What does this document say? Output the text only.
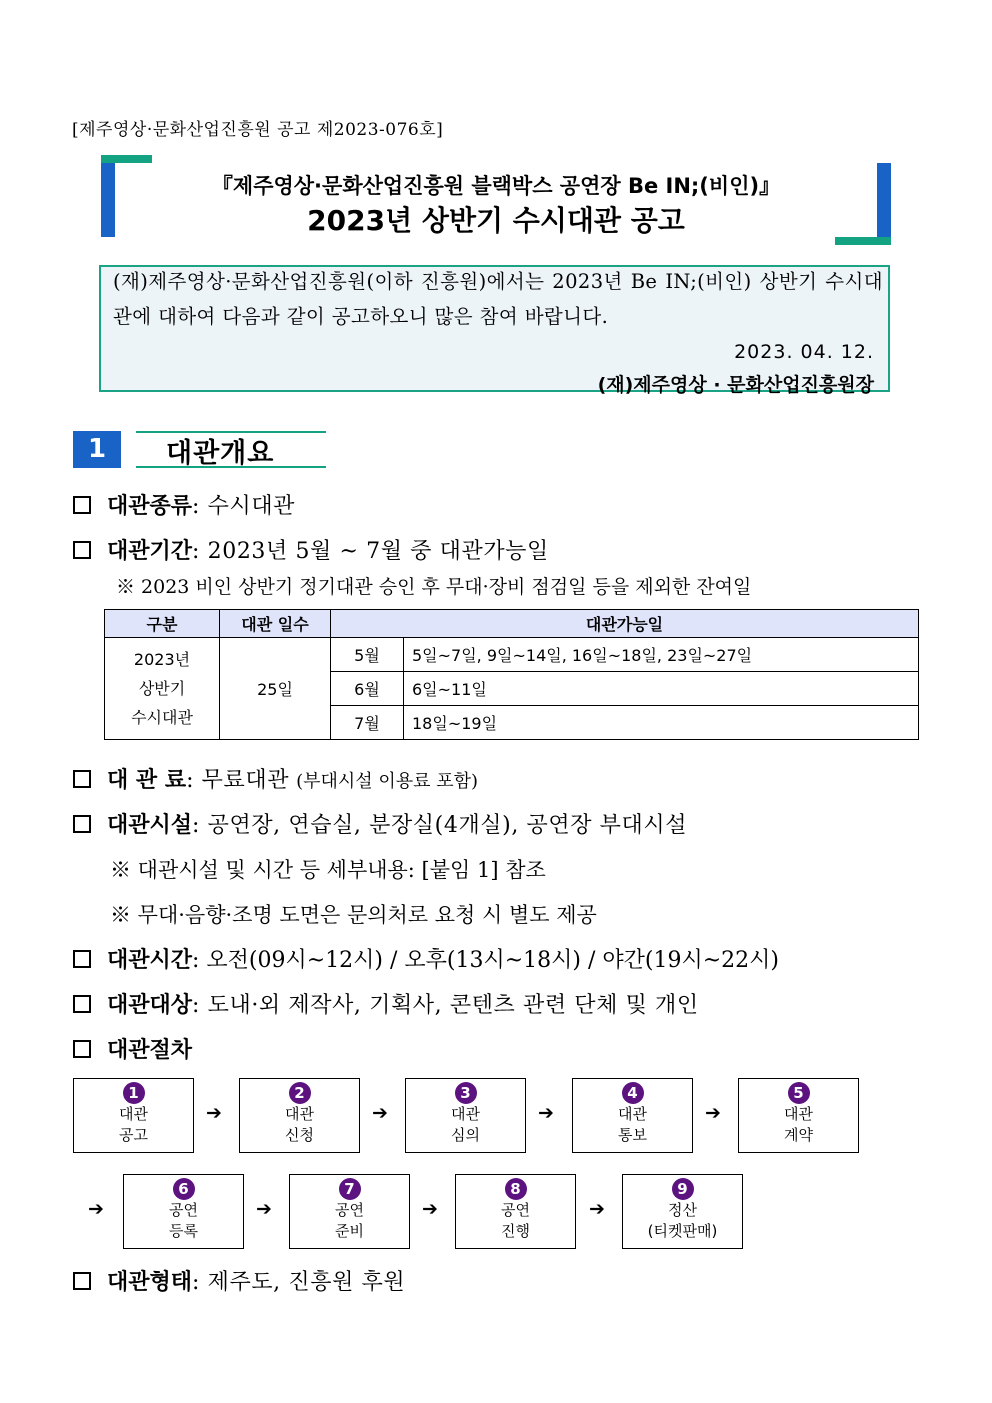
[제주영상·문화산업진흥원 공고 제2023-076호]
『제주영상·문화산업진흥원 블랙박스 공연장 Be IN;(비인)』
2023년 상반기 수시대관 공고
(재)제주영상·문화산업진흥원(이하 진흥원)에서는 2023년 Be IN;(비인) 상반기 수시대관에 대하여 다음과 같이 공고하오니 많은 참여 바랍니다.
2023. 04. 12.
(재)제주영상 · 문화산업진흥원장
1	대관개요
대관종류: 수시대관
대관기간: 2023년 5월 ~ 7월 중 대관가능일
※ 2023 비인 상반기 정기대관 승인 후 무대·장비 점검일 등을 제외한 잔여일
구분	대관 일수	대관가능일	

2023년
상반기
수시대관	25일	5월	5일~7일, 9일~14일, 16일~18일, 23일~27일
		6월	6일~11일
		7월	18일~19일
대 관 료: 무료대관 (부대시설 이용료 포함)
대관시설: 공연장, 연습실, 분장실(4개실), 공연장 부대시설
※ 대관시설 및 시간 등 세부내용: [붙임 1] 참조
※ 무대·음향·조명 도면은 문의처로 요청 시 별도 제공
대관시간: 오전(09시~12시) / 오후(13시~18시) / 야간(19시~22시)
대관대상: 도내·외 제작사, 기획사, 콘텐츠 관련 단체 및 개인
대관절차
1
대관
공고
➔
2
대관
신청
➔
3
대관
심의
➔
4
대관
통보
➔
5
대관
계약
➔
6
공연
등록
➔
7
공연
준비
➔
8
공연
진행
➔
9
정산
(티켓판매)
대관형태: 제주도, 진흥원 후원
